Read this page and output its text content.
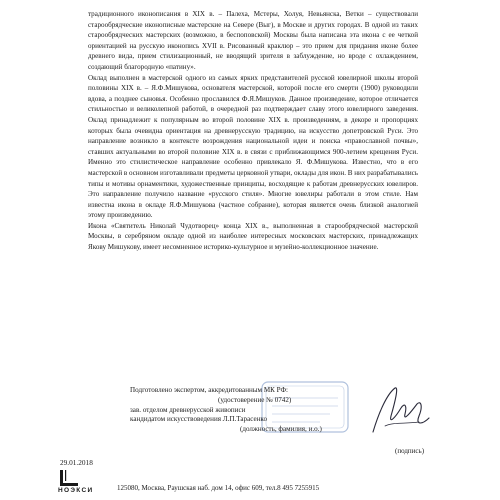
традиционного иконописания в XIX в. – Палеха, Мстеры, Холуя, Невьянска, Ветки – существовали старообрядческие иконописные мастерские на Севере (Выг), в Москве и других городах. В одной из таких старообрядческих мастерских (возможно, в беспоповской) Москвы была написана эта икона с ее четкой ориентацией на русскую иконопись XVII в. Рисованный краклюр – это прием для придания иконе более древнего вида, прием стилизационный, не вводящий зрителя в заблуждение, но вроде с охлаждением, создающий благородную «патину».

Оклад выполнен в мастерской одного из самых ярких представителей русской ювелирной школы второй половины XIX в. – Я.Ф.Мишукова, основателя мастерской, которой после его смерти (1900) руководили вдова, а позднее сыновья. Особенно прославился Ф.Я.Мишуков. Данное произведение, которое отличается стильностью и великолепной работой, в очередной раз подтверждает славу этого ювелирного заведения. Оклад принадлежит к популярным во второй половине XIX в. произведениям, в декоре и пропорциях которых была очевидна ориентация на древнерусскую традицию, на искусство допетровской Руси. Это направление возникло в контексте возрождения национальной идеи и поиска «православной почвы», ставших актуальными во второй половине XIX в. в связи с приближающимся 900-летием крещения Руси. Именно это стилистическое направление особенно привлекало Я. Ф.Мишукова. Известно, что в его мастерской в основном изготавливали предметы церковной утвари, оклады для икон. В них разрабатывались типы и мотивы орнаментики, художественные принципы, восходящие к работам древнерусских ювелиров. Это направление получило название «русского стиля». Многие ювелиры работали в этом стиле. Нам известна икона в окладе Я.Ф.Мишукова (частное собрание), которая является очень близкой аналогией этому произведению.

Икона «Святитель Николай Чудотворец» конца XIX в., выполненная в старообрядческой мастерской Москвы, в серебряном окладе одной из наиболее интересных московских мастерских, принадлежащих Якову Мишукову, имеет несомненное историко-культурное и музейно-коллекционное значение.

Подготовлено экспертом, аккредитованным МК РФ:
(удостоверение № 0742)
зав. отделом древнерусской живописи
кандидатом искусствоведения Л.П.Тарасенко
(должность, фамилия, и.о.)
(подпись)
29.01.2018
НОЭКСИ	125080, Москва, Раушская наб. дом 14, офис 609, тел.8 495 7255915
